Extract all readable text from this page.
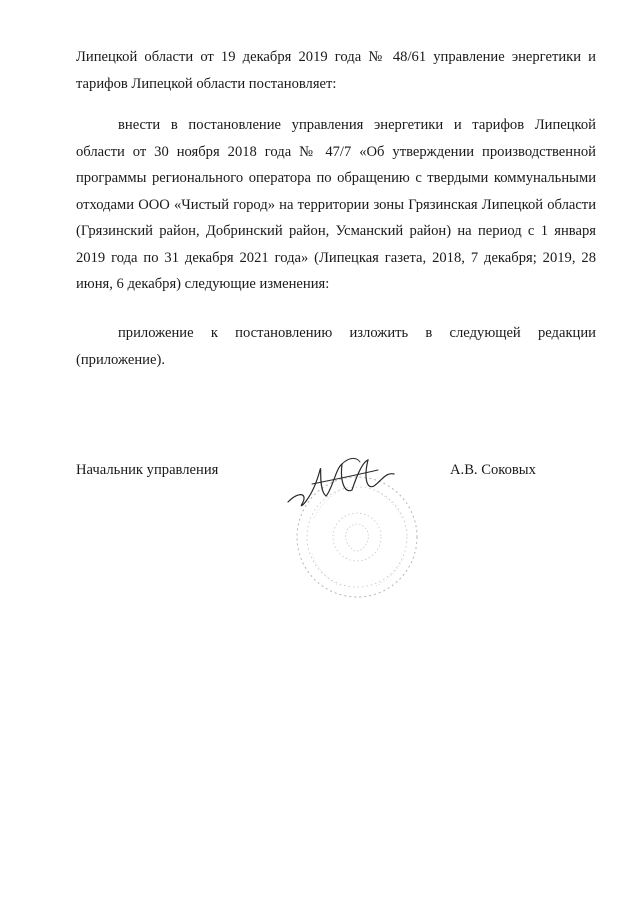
Липецкой области от 19 декабря 2019 года № 48/61 управление энергетики и тарифов Липецкой области постановляет:

внести в постановление управления энергетики и тарифов Липецкой области от 30 ноября 2018 года № 47/7 «Об утверждении производственной программы регионального оператора по обращению с твердыми коммунальными отходами ООО «Чистый город» на территории зоны Грязинская Липецкой области (Грязинский район, Добринский район, Усманский район) на период с 1 января 2019 года по 31 декабря 2021 года» (Липецкая газета, 2018, 7 декабря; 2019, 28 июня, 6 декабря) следующие изменения:

приложение к постановлению изложить в следующей редакции (приложение).

Начальник управления	А.В. Соковых
